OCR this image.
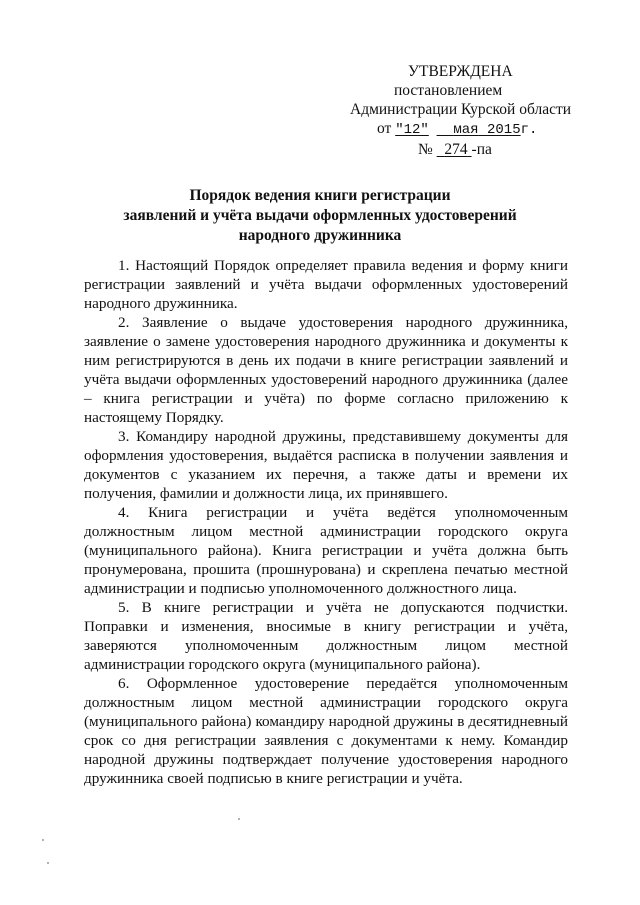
УТВЕРЖДЕНА
постановлением
Администрации Курской области
от "12" мая 2015г.
№ 274 -па
Порядок ведения книги регистрации
заявлений и учёта выдачи оформленных удостоверений
народного дружинника

1. Настоящий Порядок определяет правила ведения и форму книги регистрации заявлений и учёта выдачи оформленных удостоверений народного дружинника.

2. Заявление о выдаче удостоверения народного дружинника, заявление о замене удостоверения народного дружинника и документы к ним регистрируются в день их подачи в книге регистрации заявлений и учёта выдачи оформленных удостоверений народного дружинника (далее – книга регистрации и учёта) по форме согласно приложению к настоящему Порядку.

3. Командиру народной дружины, представившему документы для оформления удостоверения, выдаётся расписка в получении заявления и документов с указанием их перечня, а также даты и времени их получения, фамилии и должности лица, их принявшего.

4. Книга регистрации и учёта ведётся уполномоченным должностным лицом местной администрации городского округа (муниципального района). Книга регистрации и учёта должна быть пронумерована, прошита (прошнурована) и скреплена печатью местной администрации и подписью уполномоченного должностного лица.

5. В книге регистрации и учёта не допускаются подчистки. Поправки и изменения, вносимые в книгу регистрации и учёта, заверяются уполномоченным должностным лицом местной администрации городского округа (муниципального района).

6. Оформленное удостоверение передаётся уполномоченным должностным лицом местной администрации городского округа (муниципального района) командиру народной дружины в десятидневный срок со дня регистрации заявления с документами к нему. Командир народной дружины подтверждает получение удостоверения народного дружинника своей подписью в книге регистрации и учёта.
